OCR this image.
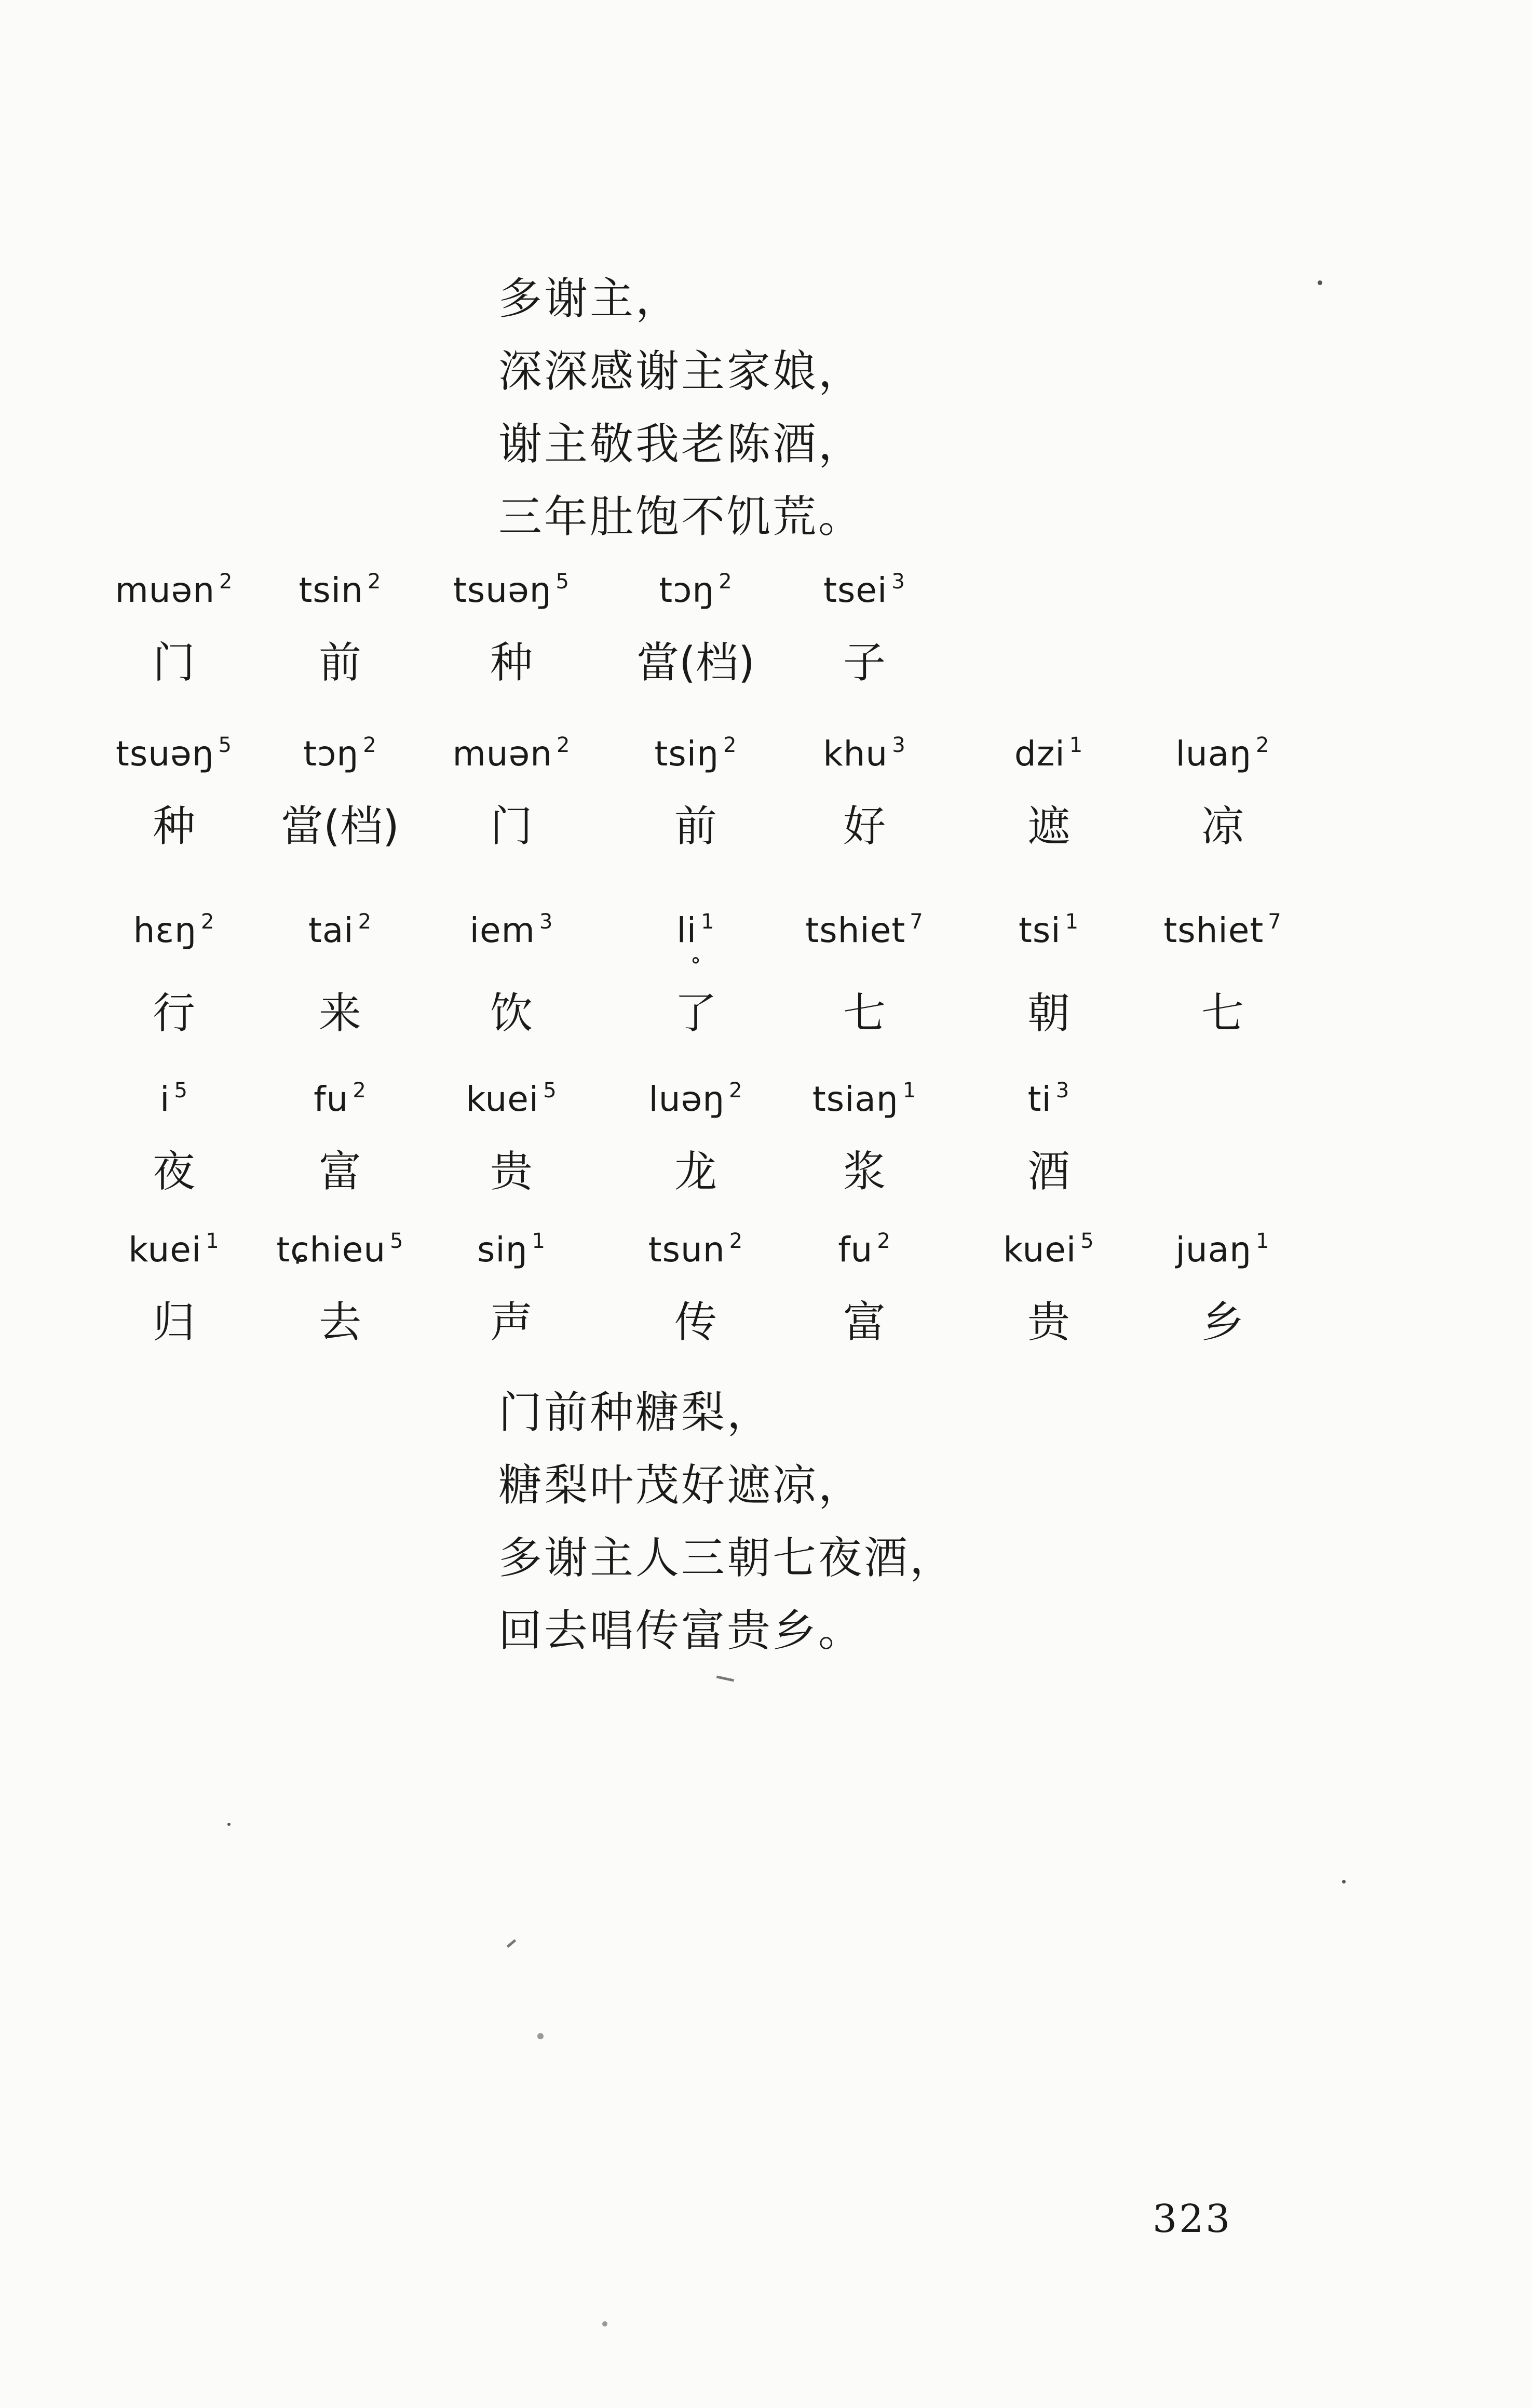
多谢主，
深深感谢主家娘，
谢主敬我老陈酒，
三年肚饱不饥荒。
muən $^2$
门
tsin $^2$
前
tsuəŋ $^5$
种
tɔŋ $^2$
當(档)
tsei $^3$
子
tsuəŋ $^5$
种
tɔŋ $^2$
當(档)
muən $^2$
门
tsiŋ $^2$
前
khu $^3$
好
dzi $^1$
遮
luaŋ $^2$
凉
hɛŋ $^2$
行
tai $^2$
来
iem $^3$
饮
li $^1$
°
了
tshiet $^7$
七
tsi $^1$
朝
tshiet $^7$
七
i $^5$
夜
fu $^2$
富
kuei $^5$
贵
luəŋ $^2$
龙
tsiaŋ $^1$
浆
ti $^3$
酒
kuei $^1$
归
tɕhieu $^5$
去
siŋ $^1$
声
tsun $^2$
传
fu $^2$
富
kuei $^5$
贵
juaŋ $^1$
乡
门前种糖梨，
糖梨叶茂好遮凉，
多谢主人三朝七夜酒，
回去唱传富贵乡。
323
